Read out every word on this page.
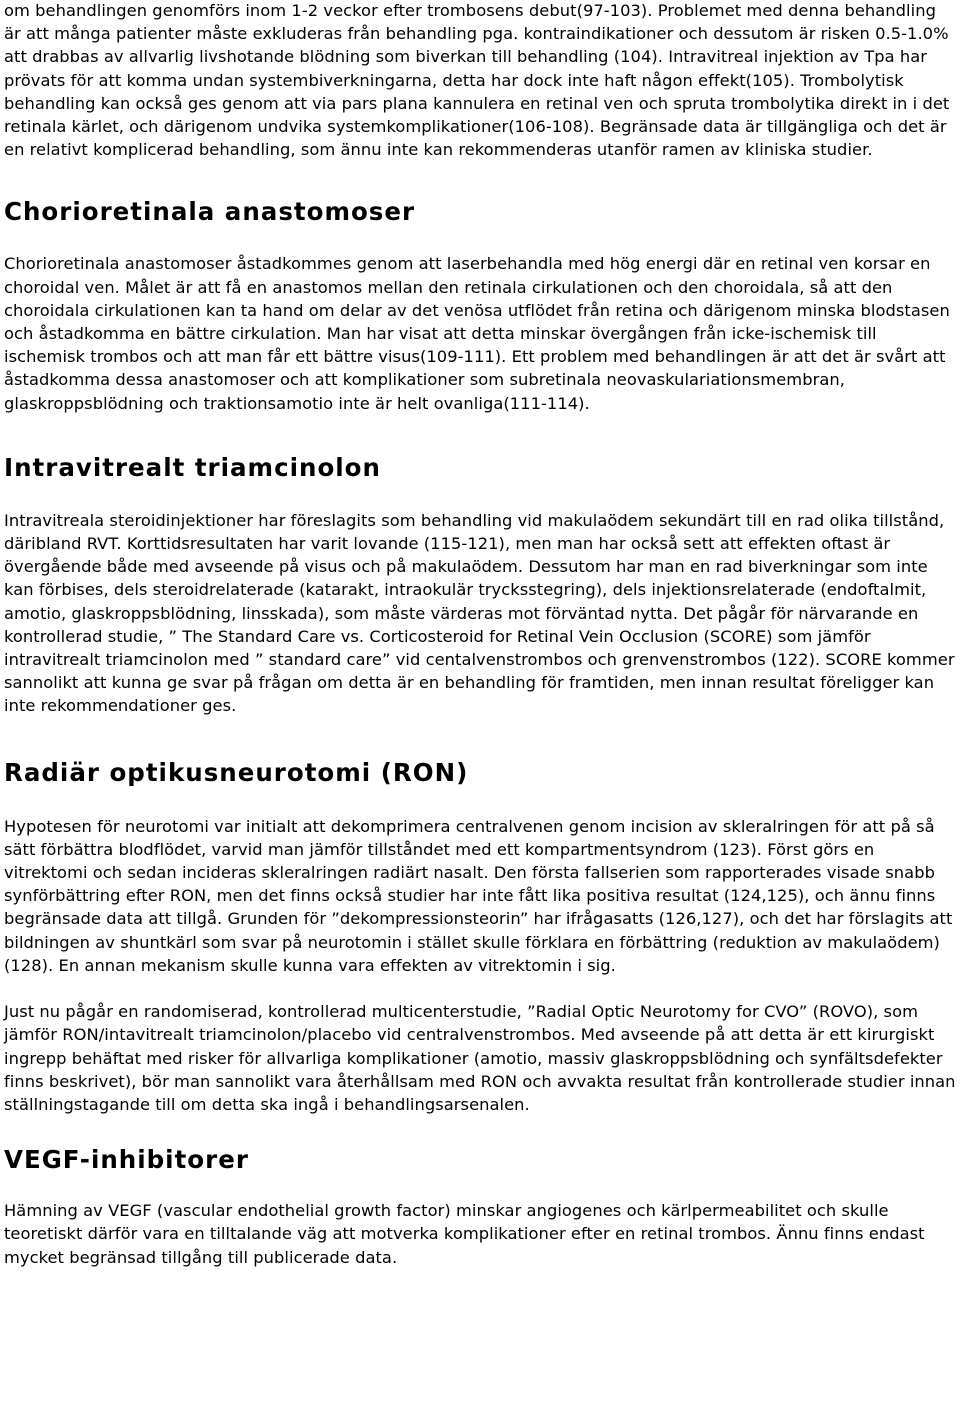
om behandlingen genomförs inom 1-2 veckor efter trombosens debut(97-103). Problemet med denna behandling är att många patienter måste exkluderas från behandling pga. kontraindikationer och dessutom är risken 0.5-1.0% att drabbas av allvarlig livshotande blödning som biverkan till behandling (104). Intravitreal injektion av Tpa har prövats för att komma undan systembiverkningarna, detta har dock inte haft någon effekt(105). Trombolytisk behandling kan också ges genom att via pars plana kannulera en retinal ven och spruta trombolytika direkt in i det retinala kärlet, och därigenom undvika systemkomplikationer(106-108). Begränsade data är tillgängliga och det är en relativt komplicerad behandling, som ännu inte kan rekommenderas utanför ramen av kliniska studier.

Chorioretinala anastomoser

Chorioretinala anastomoser åstadkommes genom att laserbehandla med hög energi där en retinal ven korsar en choroidal ven. Målet är att få en anastomos mellan den retinala cirkulationen och den choroidala, så att den choroidala cirkulationen kan ta hand om delar av det venösa utflödet från retina och därigenom minska blodstasen och åstadkomma en bättre cirkulation. Man har visat att detta minskar övergången från icke-ischemisk till ischemisk trombos och att man får ett bättre visus(109-111). Ett problem med behandlingen är att det är svårt att åstadkomma dessa anastomoser och att komplikationer som subretinala neovaskulariationsmembran, glaskroppsblödning och traktionsamotio inte är helt ovanliga(111-114).

Intravitrealt triamcinolon

Intravitreala steroidinjektioner har föreslagits som behandling vid makulaödem sekundärt till en rad olika tillstånd, däribland RVT. Korttidsresultaten har varit lovande (115-121), men man har också sett att effekten oftast är övergående både med avseende på visus och på makulaödem. Dessutom har man en rad biverkningar som inte kan förbises, dels steroidrelaterade (katarakt, intraokulär trycksstegring), dels injektionsrelaterade (endoftalmit, amotio, glaskroppsblödning, linsskada), som måste värderas mot förväntad nytta. Det pågår för närvarande en kontrollerad studie, ” The Standard Care vs. Corticosteroid for Retinal Vein Occlusion (SCORE) som jämför intravitrealt triamcinolon med ” standard care” vid centalvenstrombos och grenvenstrombos (122). SCORE kommer sannolikt att kunna ge svar på frågan om detta är en behandling för framtiden, men innan resultat föreligger kan inte rekommendationer ges.

Radiär optikusneurotomi (RON)

Hypotesen för neurotomi var initialt att dekomprimera centralvenen genom incision av skleralringen för att på så sätt förbättra blodflödet, varvid man jämför tillståndet med ett kompartmentsyndrom (123). Först görs en vitrektomi och sedan incideras skleralringen radiärt nasalt. Den första fallserien som rapporterades visade snabb synförbättring efter RON, men det finns också studier har inte fått lika positiva resultat (124,125), och ännu finns begränsade data att tillgå. Grunden för ”dekompressionsteorin” har ifrågasatts (126,127), och det har förslagits att bildningen av shuntkärl som svar på neurotomin i stället skulle förklara en förbättring (reduktion av makulaödem) (128). En annan mekanism skulle kunna vara effekten av vitrektomin i sig.

Just nu pågår en randomiserad, kontrollerad multicenterstudie, ”Radial Optic Neurotomy for CVO” (ROVO), som jämför RON/intavitrealt triamcinolon/placebo vid centralvenstrombos. Med avseende på att detta är ett kirurgiskt ingrepp behäftat med risker för allvarliga komplikationer (amotio, massiv glaskroppsblödning och synfältsdefekter finns beskrivet), bör man sannolikt vara återhållsam med RON och avvakta resultat från kontrollerade studier innan ställningstagande till om detta ska ingå i behandlingsarsenalen.

VEGF-inhibitorer

Hämning av VEGF (vascular endothelial growth factor) minskar angiogenes och kärlpermeabilitet och skulle teoretiskt därför vara en tilltalande väg att motverka komplikationer efter en retinal trombos. Ännu finns endast mycket begränsad tillgång till publicerade data.
